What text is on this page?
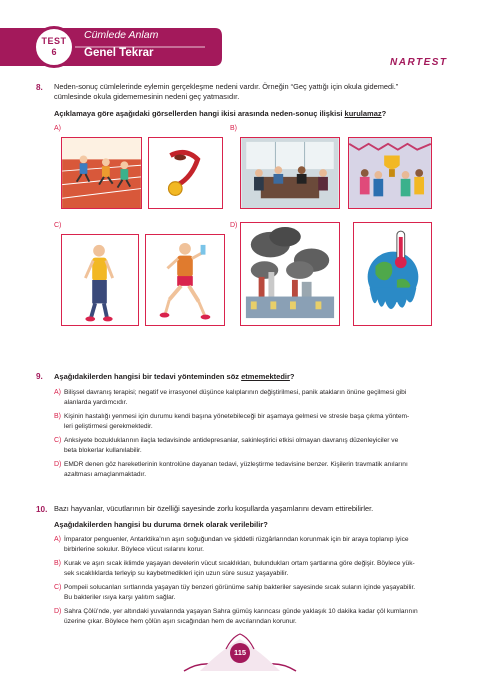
TEST
6
Cümlede Anlam
Genel Tekrar
NARTEST
8. Neden-sonuç cümlelerinde eylemin gerçekleşme nedeni vardır. Örneğin “Geç yattığı için okula gidemedi.”
cümlesinde okula gidememesinin nedeni geç yatmasıdır.
Açıklamaya göre aşağıdaki görsellerden hangi ikisi arasında neden-sonuç ilişkisi kurulamaz?
A)	B)
C)	D)
9. Aşağıdakilerden hangisi bir tedavi yönteminden söz etmemektedir?
A) Bilişsel davranış terapisi; negatif ve irrasyonel düşünce kalıplarının değiştirilmesi, panik atakların önüne geçilmesi gibi
alanlarda yardımcıdır.
B) Kişinin hastalığı yenmesi için durumu kendi başına yönetebileceği bir aşamaya gelmesi ve stresle başa çıkma yöntem-
leri geliştirmesi gerekmektedir.
C) Anksiyete bozukluklarının ilaçla tedavisinde antidepresanlar, sakinleştirici etkisi olmayan davranış düzenleyiciler ve
beta blokerlar kullanılabilir.
D) EMDR denen göz hareketlerinin kontrolüne dayanan tedavi, yüzleştirme tedavisine benzer. Kişilerin travmatik anılarını
azaltması amaçlanmaktadır.
10. Bazı hayvanlar, vücutlarının bir özelliği sayesinde zorlu koşullarda yaşamlarını devam ettirebilirler.
Aşağıdakilerden hangisi bu duruma örnek olarak verilebilir?
A) İmparator penguenler, Antarktika’nın aşırı soğuğundan ve şiddetli rüzgârlarından korunmak için bir araya toplanıp iyice
birbirlerine sokulur. Böylece vücut ısılarını korur.
B) Kurak ve aşırı sıcak iklimde yaşayan develerin vücut sıcaklıkları, bulundukları ortam şartlarına göre değişir. Böylece yük-
sek sıcaklıklarda terleyip su kaybetmedikleri için uzun süre susuz yaşayabilir.
C) Pompeii solucanları sırtlarında yaşayan tüy benzeri görünüme sahip bakteriler sayesinde sıcak suların içinde yaşayabilir.
Bu bakteriler ısıya karşı yalıtım sağlar.
D) Sahra Çölü’nde, yer altındaki yuvalarında yaşayan Sahra gümüş karıncası günde yaklaşık 10 dakika kadar çöl kumlarının
üzerine çıkar. Böylece hem çölün aşırı sıcağından hem de avcılarından korunur.
115
